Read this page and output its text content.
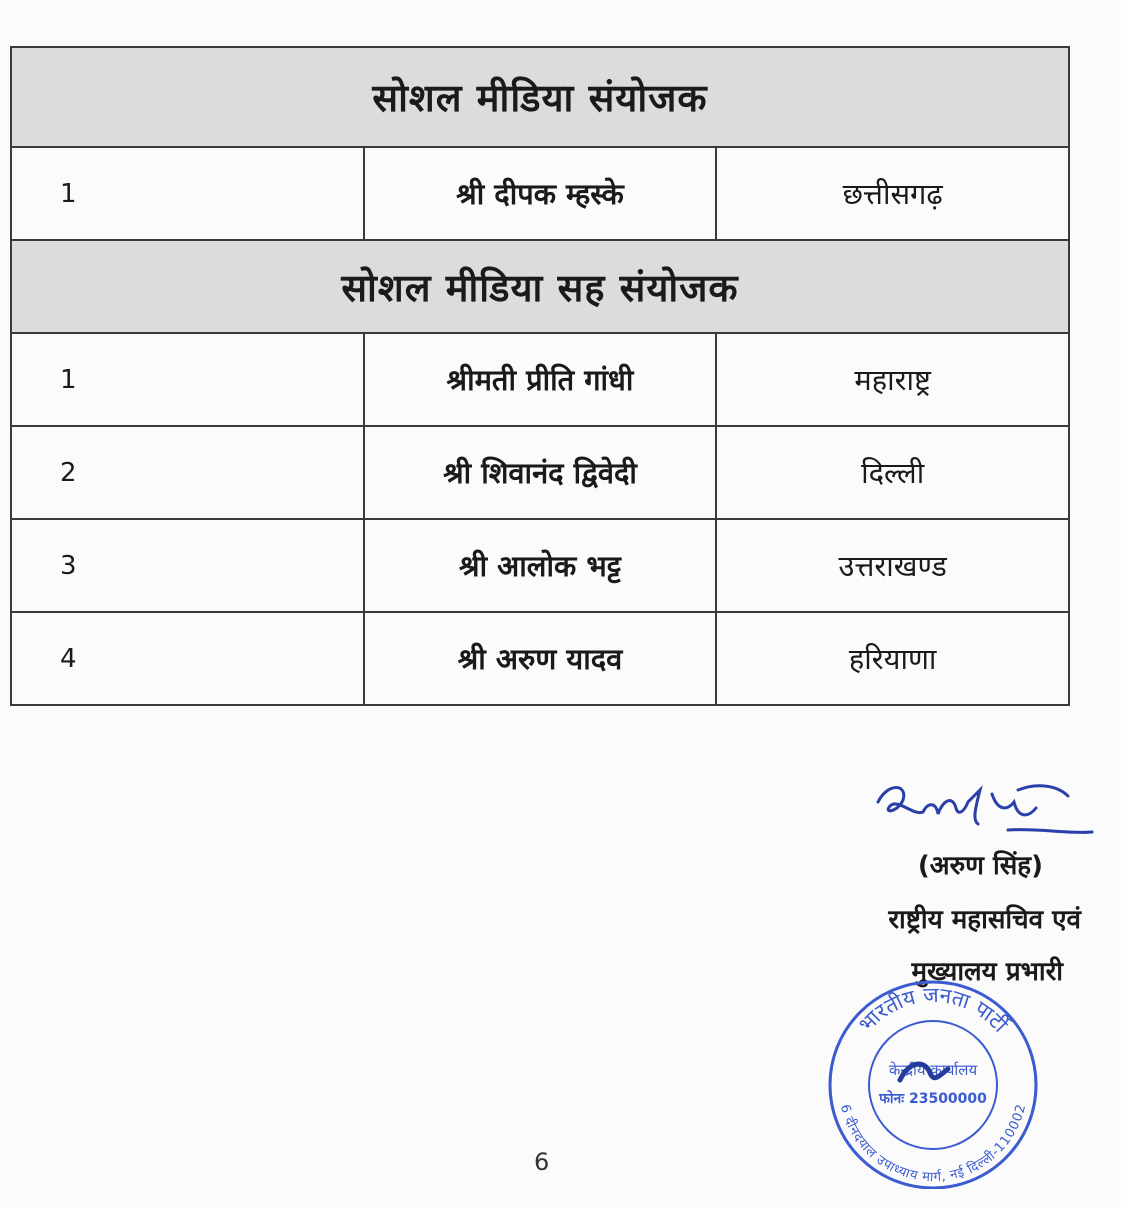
सोशल मीडिया संयोजक		
1	श्री दीपक म्हस्के	छत्तीसगढ़
सोशल मीडिया सह संयोजक		
1	श्रीमती प्रीति गांधी	महाराष्ट्र
2	श्री शिवानंद द्विवेदी	दिल्ली
3	श्री आलोक भट्ट	उत्तराखण्ड
4	श्री अरुण यादव	हरियाणा
(अरुण सिंह)
राष्ट्रीय महासचिव एवं
मुख्यालय प्रभारी
भारतीय जनता पार्टी
6 दीनदयाल उपाध्याय मार्ग, नई दिल्ली-110002
केन्द्रीय कार्यालय
फोनः 23500000
6
